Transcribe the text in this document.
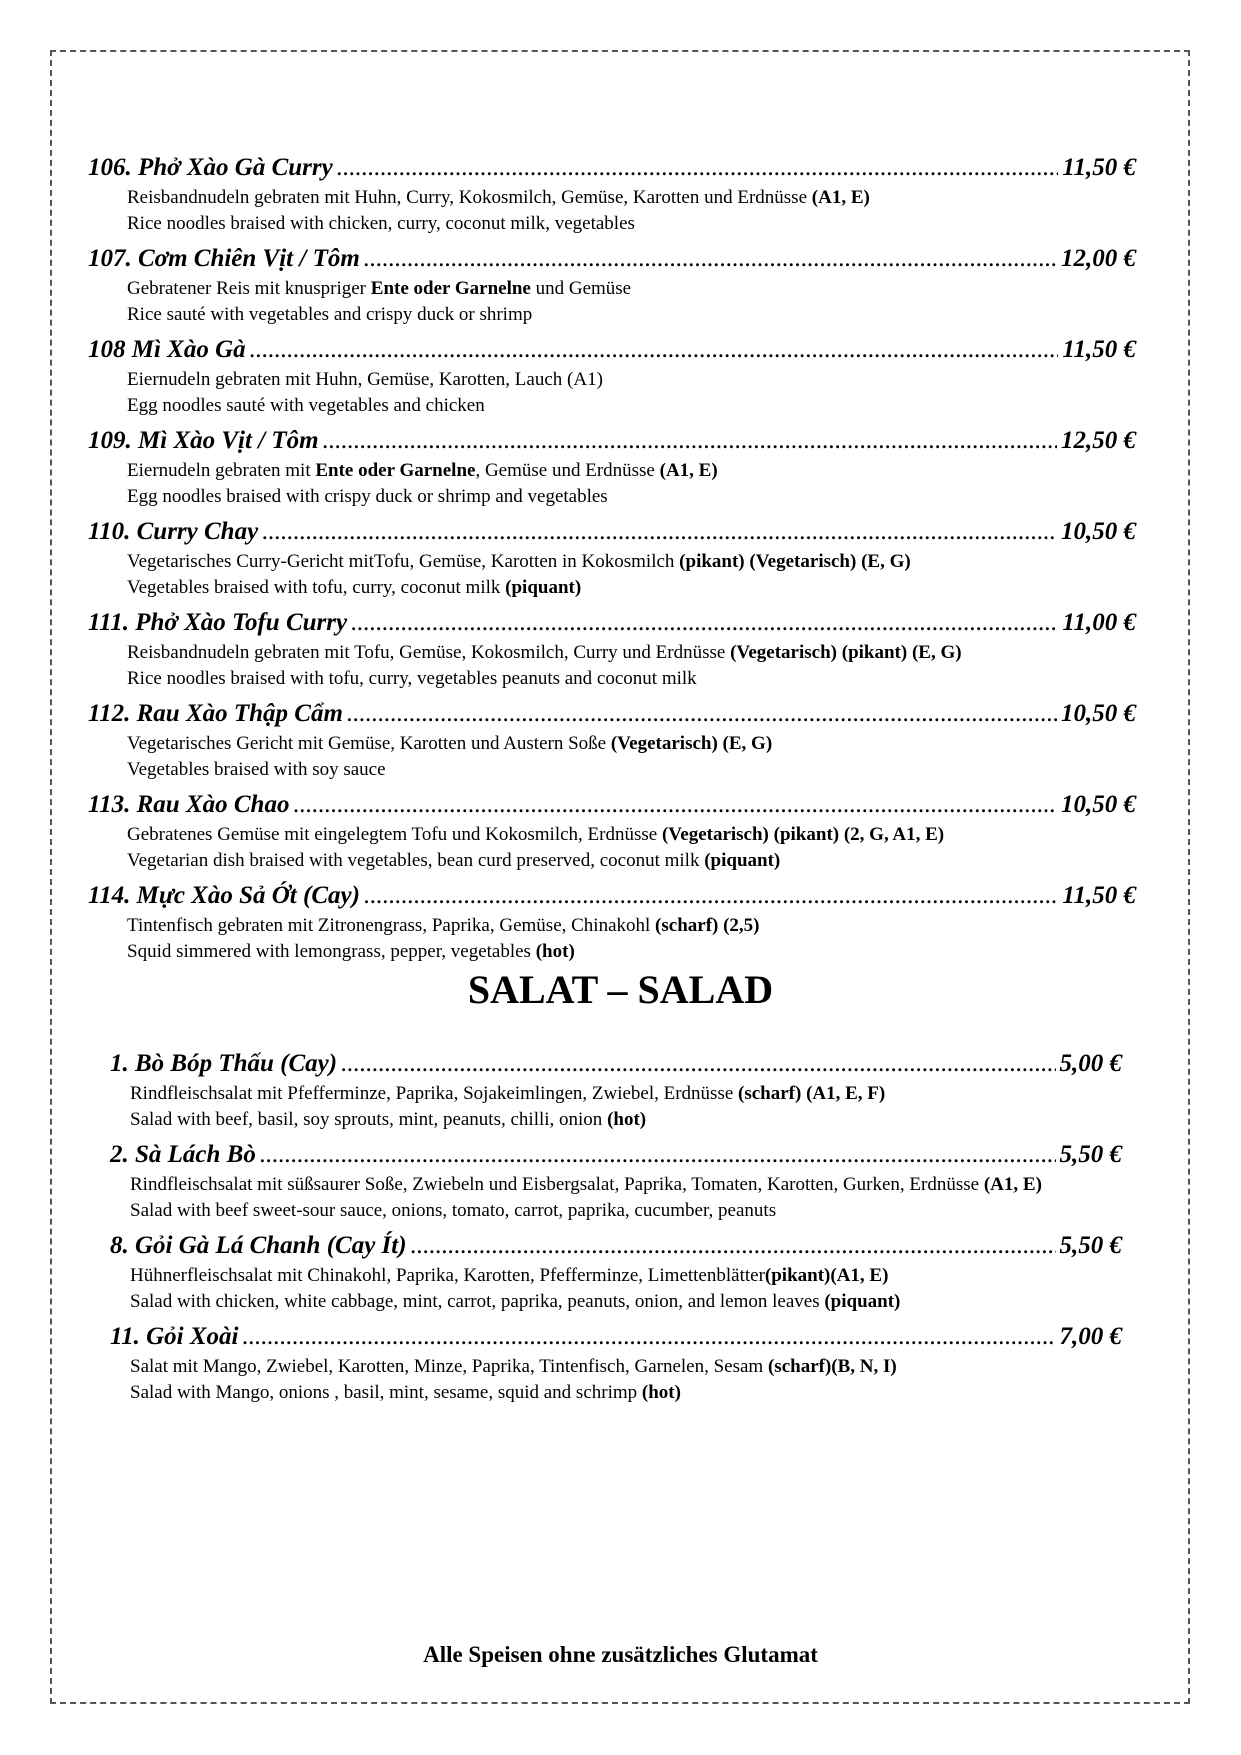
106. Phở Xào Gà Curry .....	11,50 €
Reisbandnudeln gebraten mit Huhn, Curry, Kokosmilch, Gemüse, Karotten und Erdnüsse (A1, E)
Rice noodles braised with chicken, curry, coconut milk, vegetables
107. Cơm Chiên Vịt / Tôm .....	12,00 €
Gebratener Reis mit knuspriger Ente oder Garnelne und Gemüse
Rice sauté with vegetables and crispy duck or shrimp
108 Mì Xào Gà .....	11,50 €
Eiernudeln gebraten mit Huhn, Gemüse, Karotten, Lauch (A1)
Egg noodles sauté with vegetables and chicken
109. Mì Xào Vịt / Tôm .....	12,50 €
Eiernudeln gebraten mit Ente oder Garnelne, Gemüse und Erdnüsse (A1, E)
Egg noodles braised with crispy duck or shrimp and vegetables
110. Curry Chay .....	10,50 €
Vegetarisches Curry-Gericht mitTofu, Gemüse, Karotten in Kokosmilch (pikant) (Vegetarisch) (E, G)
Vegetables braised with tofu, curry, coconut milk (piquant)
111. Phở Xào Tofu Curry .....	11,00 €
Reisbandnudeln gebraten mit Tofu, Gemüse, Kokosmilch, Curry und Erdnüsse (Vegetarisch) (pikant) (E, G)
Rice noodles braised with tofu, curry, vegetables peanuts and coconut milk
112. Rau Xào Thập Cẩm .....	10,50 €
Vegetarisches Gericht mit Gemüse, Karotten und Austern Soße (Vegetarisch) (E, G)
Vegetables braised with soy sauce
113. Rau Xào Chao .....	10,50 €
Gebratenes Gemüse mit eingelegtem Tofu und Kokosmilch, Erdnüsse (Vegetarisch) (pikant) (2, G, A1, E)
Vegetarian dish braised with vegetables, bean curd preserved, coconut milk (piquant)
114. Mực Xào Sả Ớt (Cay) .....	11,50 €
Tintenfisch gebraten mit Zitronengrass, Paprika, Gemüse, Chinakohl (scharf) (2,5)
Squid simmered with lemongrass, pepper, vegetables (hot)
SALAT – SALAD
1. Bò Bóp Thấu (Cay) .....	5,00 €
Rindfleischsalat mit Pfefferminze, Paprika, Sojakeimlingen, Zwiebel, Erdnüsse (scharf) (A1, E, F)
Salad with beef, basil, soy sprouts, mint, peanuts, chilli, onion (hot)
2. Sà Lách Bò .....	5,50 €
Rindfleischsalat mit süßsaurer Soße, Zwiebeln und Eisbergsalat, Paprika, Tomaten, Karotten, Gurken, Erdnüsse (A1, E)
Salad with beef sweet-sour sauce, onions, tomato, carrot, paprika, cucumber, peanuts
8. Gỏi Gà Lá Chanh (Cay Ít) .....	5,50 €
Hühnerfleischsalat mit Chinakohl, Paprika, Karotten, Pfefferminze, Limettenblätter(pikant)(A1, E)
Salad with chicken, white cabbage, mint, carrot, paprika, peanuts, onion, and lemon leaves (piquant)
11. Gỏi Xoài .....	7,00 €
Salat mit Mango, Zwiebel, Karotten, Minze, Paprika, Tintenfisch, Garnelen, Sesam (scharf)(B, N, I)
Salad with Mango, onions , basil, mint, sesame, squid and schrimp (hot)
Alle Speisen ohne zusätzliches Glutamat
